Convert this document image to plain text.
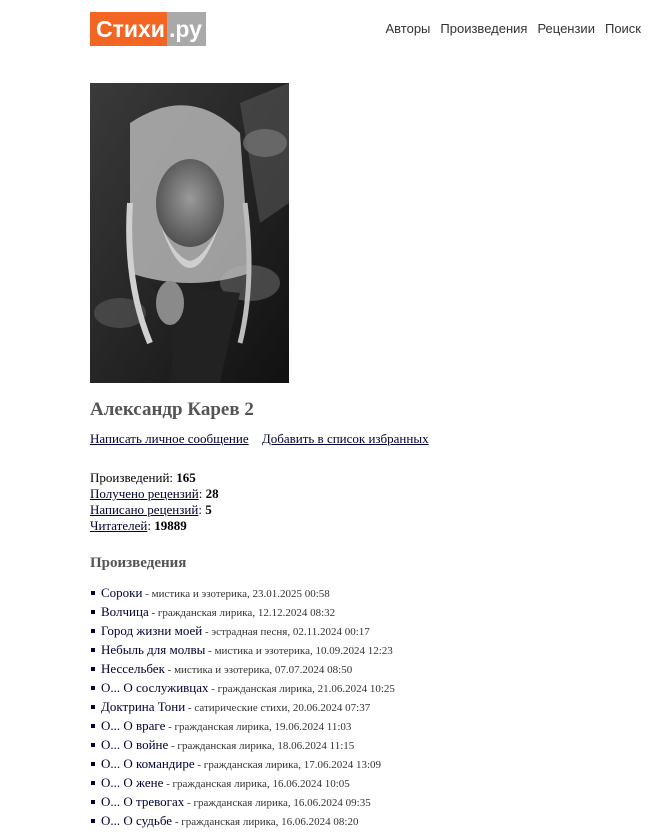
Стихи .ру	Авторы Произведения Рецензии Поиск
Александр Карев 2
Написать личное сообщение Добавить в список избранных
Произведений: 165
Получено рецензий: 28
Написано рецензий: 5
Читателей: 19889
Произведения
Сороки - мистика и эзотерика, 23.01.2025 00:58
Волчица - гражданская лирика, 12.12.2024 08:32
Город жизни моей - эстрадная песня, 02.11.2024 00:17
Небыль для молвы - мистика и эзотерика, 10.09.2024 12:23
Нессельбек - мистика и эзотерика, 07.07.2024 08:50
О... О сослуживцах - гражданская лирика, 21.06.2024 10:25
Доктрина Тони - сатирические стихи, 20.06.2024 07:37
О... О враге - гражданская лирика, 19.06.2024 11:03
О... О войне - гражданская лирика, 18.06.2024 11:15
О... О командире - гражданская лирика, 17.06.2024 13:09
О... О жене - гражданская лирика, 16.06.2024 10:05
О... О тревогах - гражданская лирика, 16.06.2024 09:35
О... О судьбе - гражданская лирика, 16.06.2024 08:20
